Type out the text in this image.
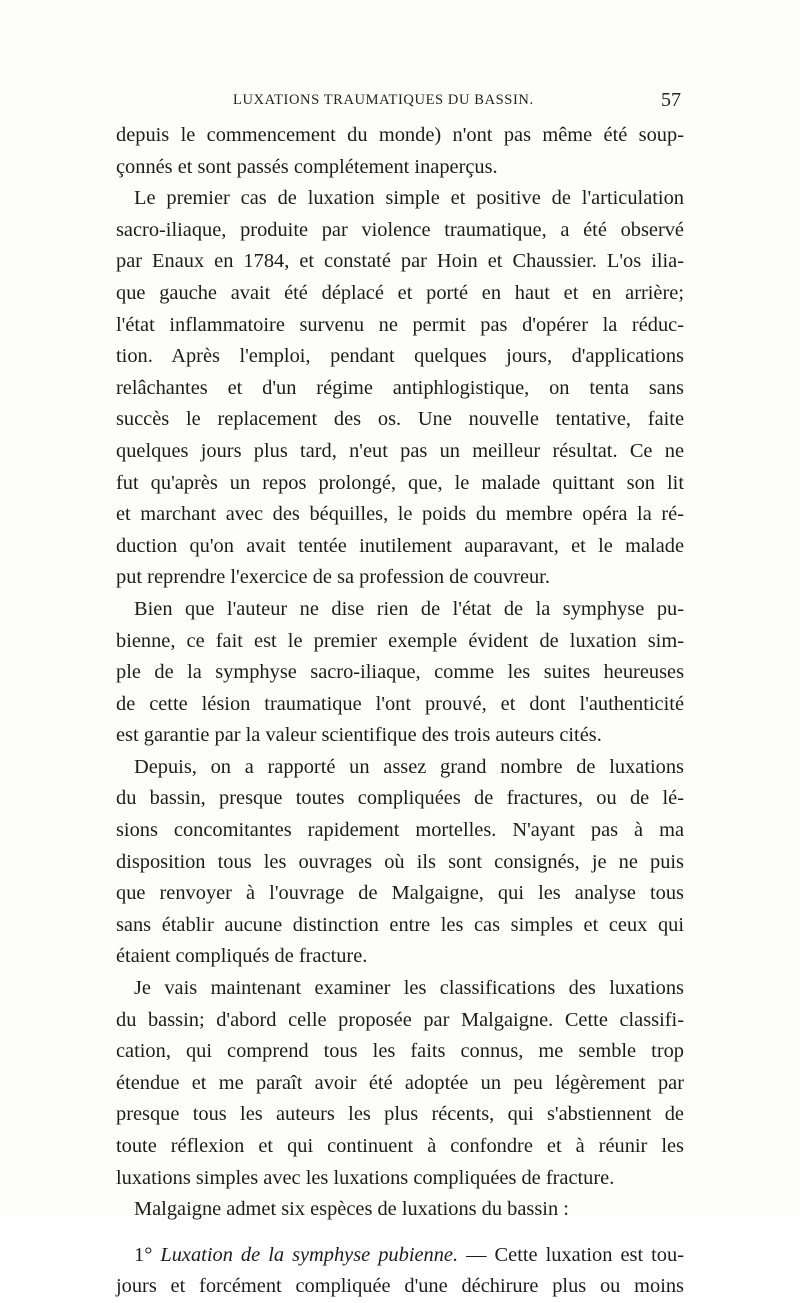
LUXATIONS TRAUMATIQUES DU BASSIN.	57
depuis le commencement du monde) n'ont pas même été soup-
çonnés et sont passés complétement inaperçus.
Le premier cas de luxation simple et positive de l'articulation
sacro-iliaque, produite par violence traumatique, a été observé
par Enaux en 1784, et constaté par Hoin et Chaussier. L'os ilia-
que gauche avait été déplacé et porté en haut et en arrière;
l'état inflammatoire survenu ne permit pas d'opérer la réduc-
tion. Après l'emploi, pendant quelques jours, d'applications
relâchantes et d'un régime antiphlogistique, on tenta sans
succès le replacement des os. Une nouvelle tentative, faite
quelques jours plus tard, n'eut pas un meilleur résultat. Ce ne
fut qu'après un repos prolongé, que, le malade quittant son lit
et marchant avec des béquilles, le poids du membre opéra la ré-
duction qu'on avait tentée inutilement auparavant, et le malade
put reprendre l'exercice de sa profession de couvreur.
Bien que l'auteur ne dise rien de l'état de la symphyse pu-
bienne, ce fait est le premier exemple évident de luxation sim-
ple de la symphyse sacro-iliaque, comme les suites heureuses
de cette lésion traumatique l'ont prouvé, et dont l'authenticité
est garantie par la valeur scientifique des trois auteurs cités.
Depuis, on a rapporté un assez grand nombre de luxations
du bassin, presque toutes compliquées de fractures, ou de lé-
sions concomitantes rapidement mortelles. N'ayant pas à ma
disposition tous les ouvrages où ils sont consignés, je ne puis
que renvoyer à l'ouvrage de Malgaigne, qui les analyse tous
sans établir aucune distinction entre les cas simples et ceux qui
étaient compliqués de fracture.
Je vais maintenant examiner les classifications des luxations
du bassin; d'abord celle proposée par Malgaigne. Cette classifi-
cation, qui comprend tous les faits connus, me semble trop
étendue et me paraît avoir été adoptée un peu légèrement par
presque tous les auteurs les plus récents, qui s'abstiennent de
toute réflexion et qui continuent à confondre et à réunir les
luxations simples avec les luxations compliquées de fracture.
Malgaigne admet six espèces de luxations du bassin :
1° Luxation de la symphyse pubienne. — Cette luxation est tou-
jours et forcément compliquée d'une déchirure plus ou moins
